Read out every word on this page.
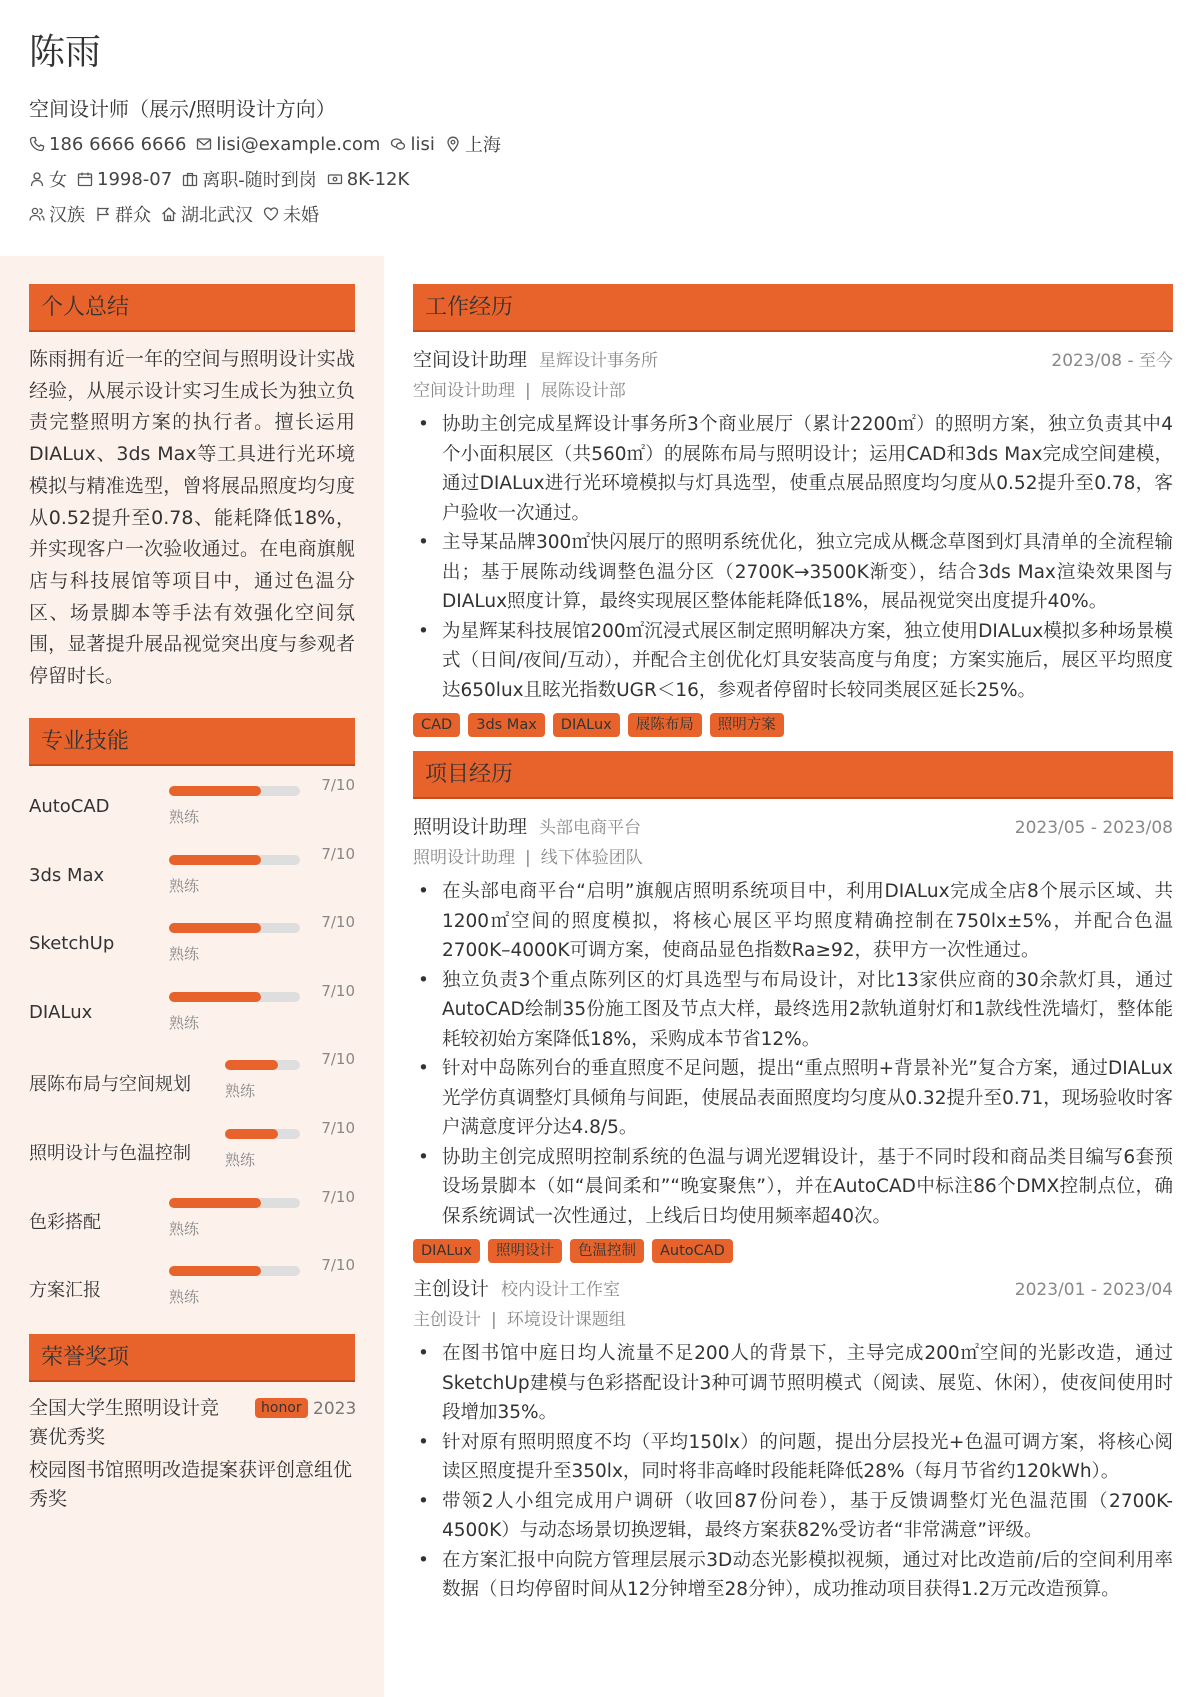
陈雨
空间设计师（展示/照明设计方向）
186 6666 6666 lisi@example.com lisi 上海
女 1998-07 离职-随时到岗 8K-12K
汉族 群众 湖北武汉 未婚
个人总结
陈雨拥有近一年的空间与照明设计实战经验，从展示设计实习生成长为独立负责完整照明方案的执行者。擅长运用DIALux、3ds Max等工具进行光环境模拟与精准选型，曾将展品照度均匀度从0.52提升至0.78、能耗降低18%，并实现客户一次验收通过。在电商旗舰店与科技展馆等项目中，通过色温分区、场景脚本等手法有效强化空间氛围，显著提升展品视觉突出度与参观者停留时长。
专业技能
AutoCAD
7/10
熟练
3ds Max
7/10
熟练
SketchUp
7/10
熟练
DIALux
7/10
熟练
展陈布局与空间规划
7/10
熟练
照明设计与色温控制
7/10
熟练
色彩搭配
7/10
熟练
方案汇报
7/10
熟练
荣誉奖项
全国大学生照明设计竞赛优秀奖
honor 2023
校园图书馆照明改造提案获评创意组优秀奖
工作经历
空间设计助理 星辉设计事务所	2023/08 - 至今
空间设计助理 | 展陈设计部
• 协助主创完成星辉设计事务所3个商业展厅（累计2200㎡）的照明方案，独立负责其中4个小面积展区（共560㎡）的展陈布局与照明设计；运用CAD和3ds Max完成空间建模，通过DIALux进行光环境模拟与灯具选型，使重点展品照度均匀度从0.52提升至0.78，客户验收一次通过。
• 主导某品牌300㎡快闪展厅的照明系统优化，独立完成从概念草图到灯具清单的全流程输出；基于展陈动线调整色温分区（2700K→3500K渐变），结合3ds Max渲染效果图与DIALux照度计算，最终实现展区整体能耗降低18%，展品视觉突出度提升40%。
• 为星辉某科技展馆200㎡沉浸式展区制定照明解决方案，独立使用DIALux模拟多种场景模式（日间/夜间/互动），并配合主创优化灯具安装高度与角度；方案实施后，展区平均照度达650lux且眩光指数UGR＜16，参观者停留时长较同类展区延长25%。
CAD	3ds Max	DIALux	展陈布局	照明方案
项目经历
照明设计助理 头部电商平台	2023/05 - 2023/08
照明设计助理 | 线下体验团队
• 在头部电商平台“启明”旗舰店照明系统项目中，利用DIALux完成全店8个展示区域、共1200㎡空间的照度模拟，将核心展区平均照度精确控制在750lx±5%，并配合色温2700K–4000K可调方案，使商品显色指数Ra≥92，获甲方一次性通过。
• 独立负责3个重点陈列区的灯具选型与布局设计，对比13家供应商的30余款灯具，通过AutoCAD绘制35份施工图及节点大样，最终选用2款轨道射灯和1款线性洗墙灯，整体能耗较初始方案降低18%，采购成本节省12%。
• 针对中岛陈列台的垂直照度不足问题，提出“重点照明+背景补光”复合方案，通过DIALux光学仿真调整灯具倾角与间距，使展品表面照度均匀度从0.32提升至0.71，现场验收时客户满意度评分达4.8/5。
• 协助主创完成照明控制系统的色温与调光逻辑设计，基于不同时段和商品类目编写6套预设场景脚本（如“晨间柔和”“晚宴聚焦”），并在AutoCAD中标注86个DMX控制点位，确保系统调试一次性通过，上线后日均使用频率超40次。
DIALux	照明设计	色温控制	AutoCAD
主创设计 校内设计工作室	2023/01 - 2023/04
主创设计 | 环境设计课题组
• 在图书馆中庭日均人流量不足200人的背景下，主导完成200㎡空间的光影改造，通过SketchUp建模与色彩搭配设计3种可调节照明模式（阅读、展览、休闲），使夜间使用时段增加35%。
• 针对原有照明照度不均（平均150lx）的问题，提出分层投光+色温可调方案，将核心阅读区照度提升至350lx，同时将非高峰时段能耗降低28%（每月节省约120kWh）。
• 带领2人小组完成用户调研（收回87份问卷），基于反馈调整灯光色温范围（2700K-4500K）与动态场景切换逻辑，最终方案获82%受访者“非常满意”评级。
• 在方案汇报中向院方管理层展示3D动态光影模拟视频，通过对比改造前/后的空间利用率数据（日均停留时间从12分钟增至28分钟），成功推动项目获得1.2万元改造预算。
